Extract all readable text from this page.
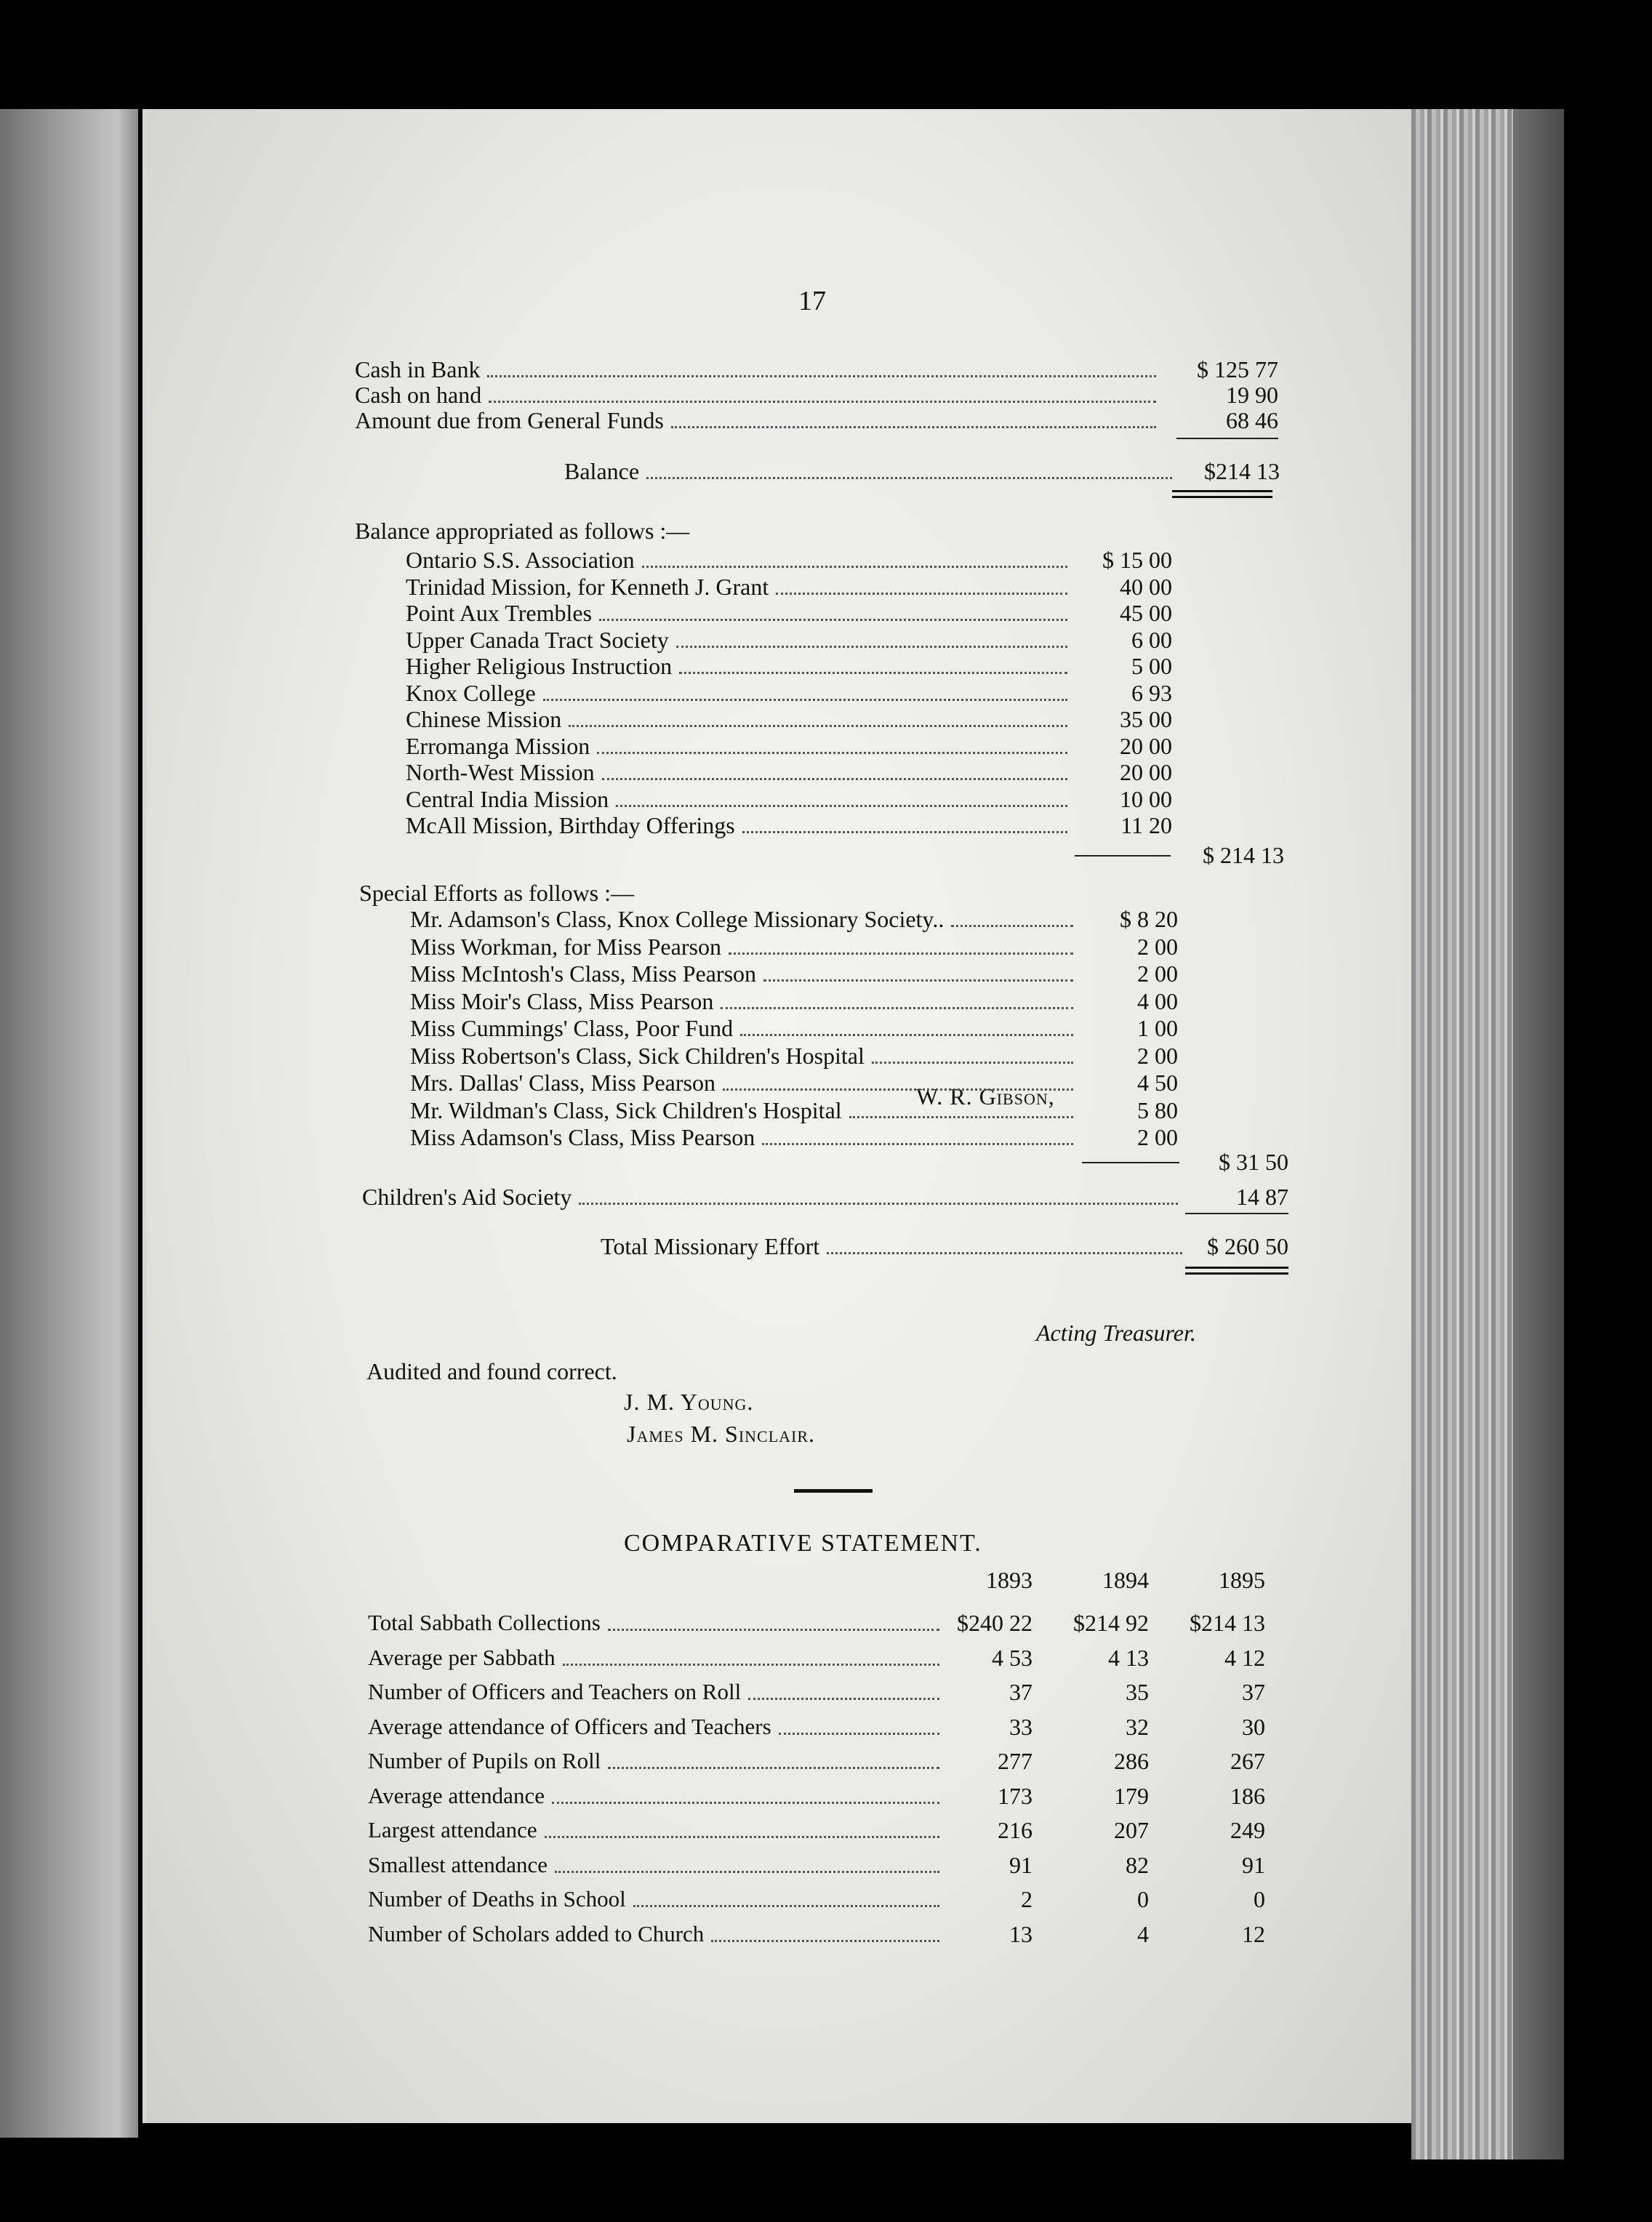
17
W. R. Gibson,
Acting Treasurer.
Audited and found correct.
J. M. Young.
James M. Sinclair.
COMPARATIVE STATEMENT.
Cash in Bank	$ 125 77
Cash on hand	19 90
Amount due from General Funds	68 46
Balance	$214 13
Balance appropriated as follows :—
Ontario S.S. Association	$ 15 00
Trinidad Mission, for Kenneth J. Grant	40 00
Point Aux Trembles	45 00
Upper Canada Tract Society	6 00
Higher Religious Instruction	5 00
Knox College	6 93
Chinese Mission	35 00
Erromanga Mission	20 00
North-West Mission	20 00
Central India Mission	10 00
McAll Mission, Birthday Offerings	11 20
$ 214 13
Special Efforts as follows :—
Mr. Adamson's Class, Knox College Missionary Society..	$ 8 20
Miss Workman, for Miss Pearson	2 00
Miss McIntosh's Class, Miss Pearson	2 00
Miss Moir's Class, Miss Pearson	4 00
Miss Cummings' Class, Poor Fund	1 00
Miss Robertson's Class, Sick Children's Hospital	2 00
Mrs. Dallas' Class, Miss Pearson	4 50
Mr. Wildman's Class, Sick Children's Hospital	5 80
Miss Adamson's Class, Miss Pearson	2 00
$ 31 50
Children's Aid Society	14 87
Total Missionary Effort	$ 260 50
1893	1894	1895
Total Sabbath Collections	$240 22 $214 92 $214 13
Average per Sabbath	4 53	4 13	4 12
Number of Officers and Teachers on Roll	37	35	37
Average attendance of Officers and Teachers	33	32	30
Number of Pupils on Roll	277	286	267
Average attendance	173	179	186
Largest attendance	216	207	249
Smallest attendance	91	82	91
Number of Deaths in School	2	0	0
Number of Scholars added to Church	13	4	12
